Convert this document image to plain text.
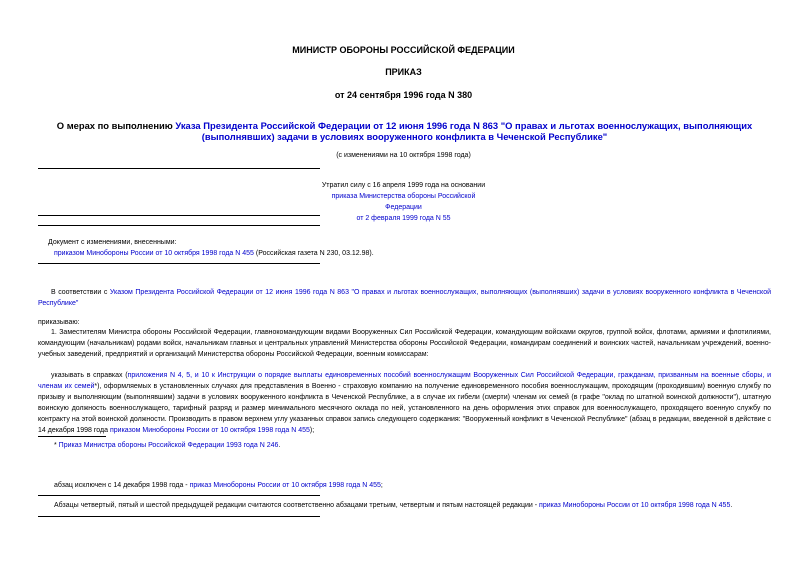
МИНИСТР ОБОРОНЫ РОССИЙСКОЙ ФЕДЕРАЦИИ
ПРИКАЗ
от 24 сентября 1996 года N 380
О мерах по выполнению Указа Президента Российской Федерации от 12 июня 1996 года N 863 "О правах и льготах военнослужащих, выполняющих (выполнявших) задачи в условиях вооруженного конфликта в Чеченской Республике"
(с изменениями на 10 октября 1998 года)
Утратил силу с 16 апреля 1999 года на основании
приказа Министерства обороны Российской Федерации
от 2 февраля 1999 года N 55
Документ с изменениями, внесенными:
приказом Минобороны России от 10 октября 1998 года N 455 (Российская газета N 230, 03.12.98).
В соответствии с Указом Президента Российской Федерации от 12 июня 1996 года N 863 "О правах и льготах военнослужащих, выполняющих (выполнявших) задачи в условиях вооруженного конфликта в Чеченской Республике"
приказываю:
1. Заместителям Министра обороны Российской Федерации, главнокомандующим видами Вооруженных Сил Российской Федерации, командующим войсками округов, группой войск, флотами, армиями и флотилиями, командующим (начальникам) родами войск, начальникам главных и центральных управлений Министерства обороны Российской Федерации, командирам соединений и воинских частей, начальникам учреждений, военно-учебных заведений, предприятий и организаций Министерства обороны Российской Федерации, военным комиссарам:
указывать в справках (приложения N 4, 5, и 10 к Инструкции о порядке выплаты единовременных пособий военнослужащим Вооруженных Сил Российской Федерации, гражданам, призванным на военные сборы, и членам их семей*), оформляемых в установленных случаях для представления в Военно - страховую компанию на получение единовременного пособия военнослужащим, проходящим (проходившим) военную службу по призыву и выполняющим (выполнявшим) задачи в условиях вооруженного конфликта в Чеченской Республике, а в случае их гибели (смерти) членам их семей (в графе "оклад по штатной воинской должности"), штатную воинскую должность военнослужащего, тарифный разряд и размер минимального месячного оклада по ней, установленного на день оформления этих справок для военнослужащего, проходящего военную службу по контракту на этой воинской должности. Производить в правом верхнем углу указанных справок запись следующего содержания: "Вооруженный конфликт в Чеченской Республике" (абзац в редакции, введенной в действие с 14 декабря 1998 года приказом Минобороны России от 10 октября 1998 года N 455);
* Приказ Министра обороны Российской Федерации 1993 года N 246.
абзац исключен с 14 декабря 1998 года - приказ Минобороны России от 10 октября 1998 года N 455;
Абзацы четвертый, пятый и шестой предыдущей редакции считаются соответственно абзацами третьим, четвертым и пятым настоящей редакции - приказ Минобороны России от 10 октября 1998 года N 455.
